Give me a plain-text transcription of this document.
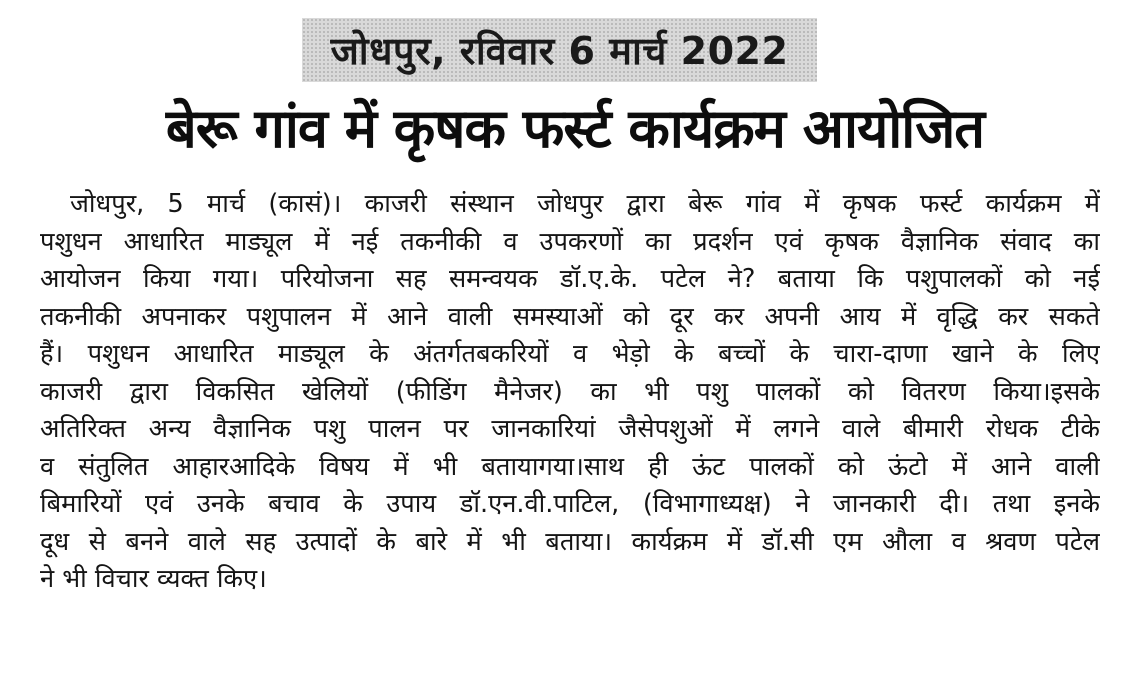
जोधपुर, रविवार 6 मार्च 2022
बेरू गांव में कृषक फर्स्ट कार्यक्रम आयोजित
जोधपुर, 5 मार्च (कासं)। काजरी संस्थान जोधपुर द्वारा बेरू गांव में कृषक फर्स्ट कार्यक्रम में
पशुधन आधारित माड्यूल में नई तकनीकी व उपकरणों का प्रदर्शन एवं कृषक वैज्ञानिक संवाद का
आयोजन किया गया। परियोजना सह समन्वयक डॉ.ए.के. पटेल ने? बताया कि पशुपालकों को नई
तकनीकी अपनाकर पशुपालन में आने वाली समस्याओं को दूर कर अपनी आय में वृद्धि कर सकते
हैं। पशुधन आधारित माड्यूल के अंतर्गतबकरियों व भेड़ो के बच्चों के चारा-दाणा खाने के लिए
काजरी द्वारा विकसित खेलियों (फीडिंग मैनेजर) का भी पशु पालकों को वितरण किया।इसके
अतिरिक्त अन्य वैज्ञानिक पशु पालन पर जानकारियां जैसेपशुओं में लगने वाले बीमारी रोधक टीके
व संतुलित आहारआदिके विषय में भी बतायागया।साथ ही ऊंट पालकों को ऊंटो में आने वाली
बिमारियों एवं उनके बचाव के उपाय डॉ.एन.वी.पाटिल, (विभागाध्यक्ष) ने जानकारी दी। तथा इनके
दूध से बनने वाले सह उत्पादों के बारे में भी बताया। कार्यक्रम में डॉ.सी एम औला व श्रवण पटेल
ने भी विचार व्यक्त किए।
